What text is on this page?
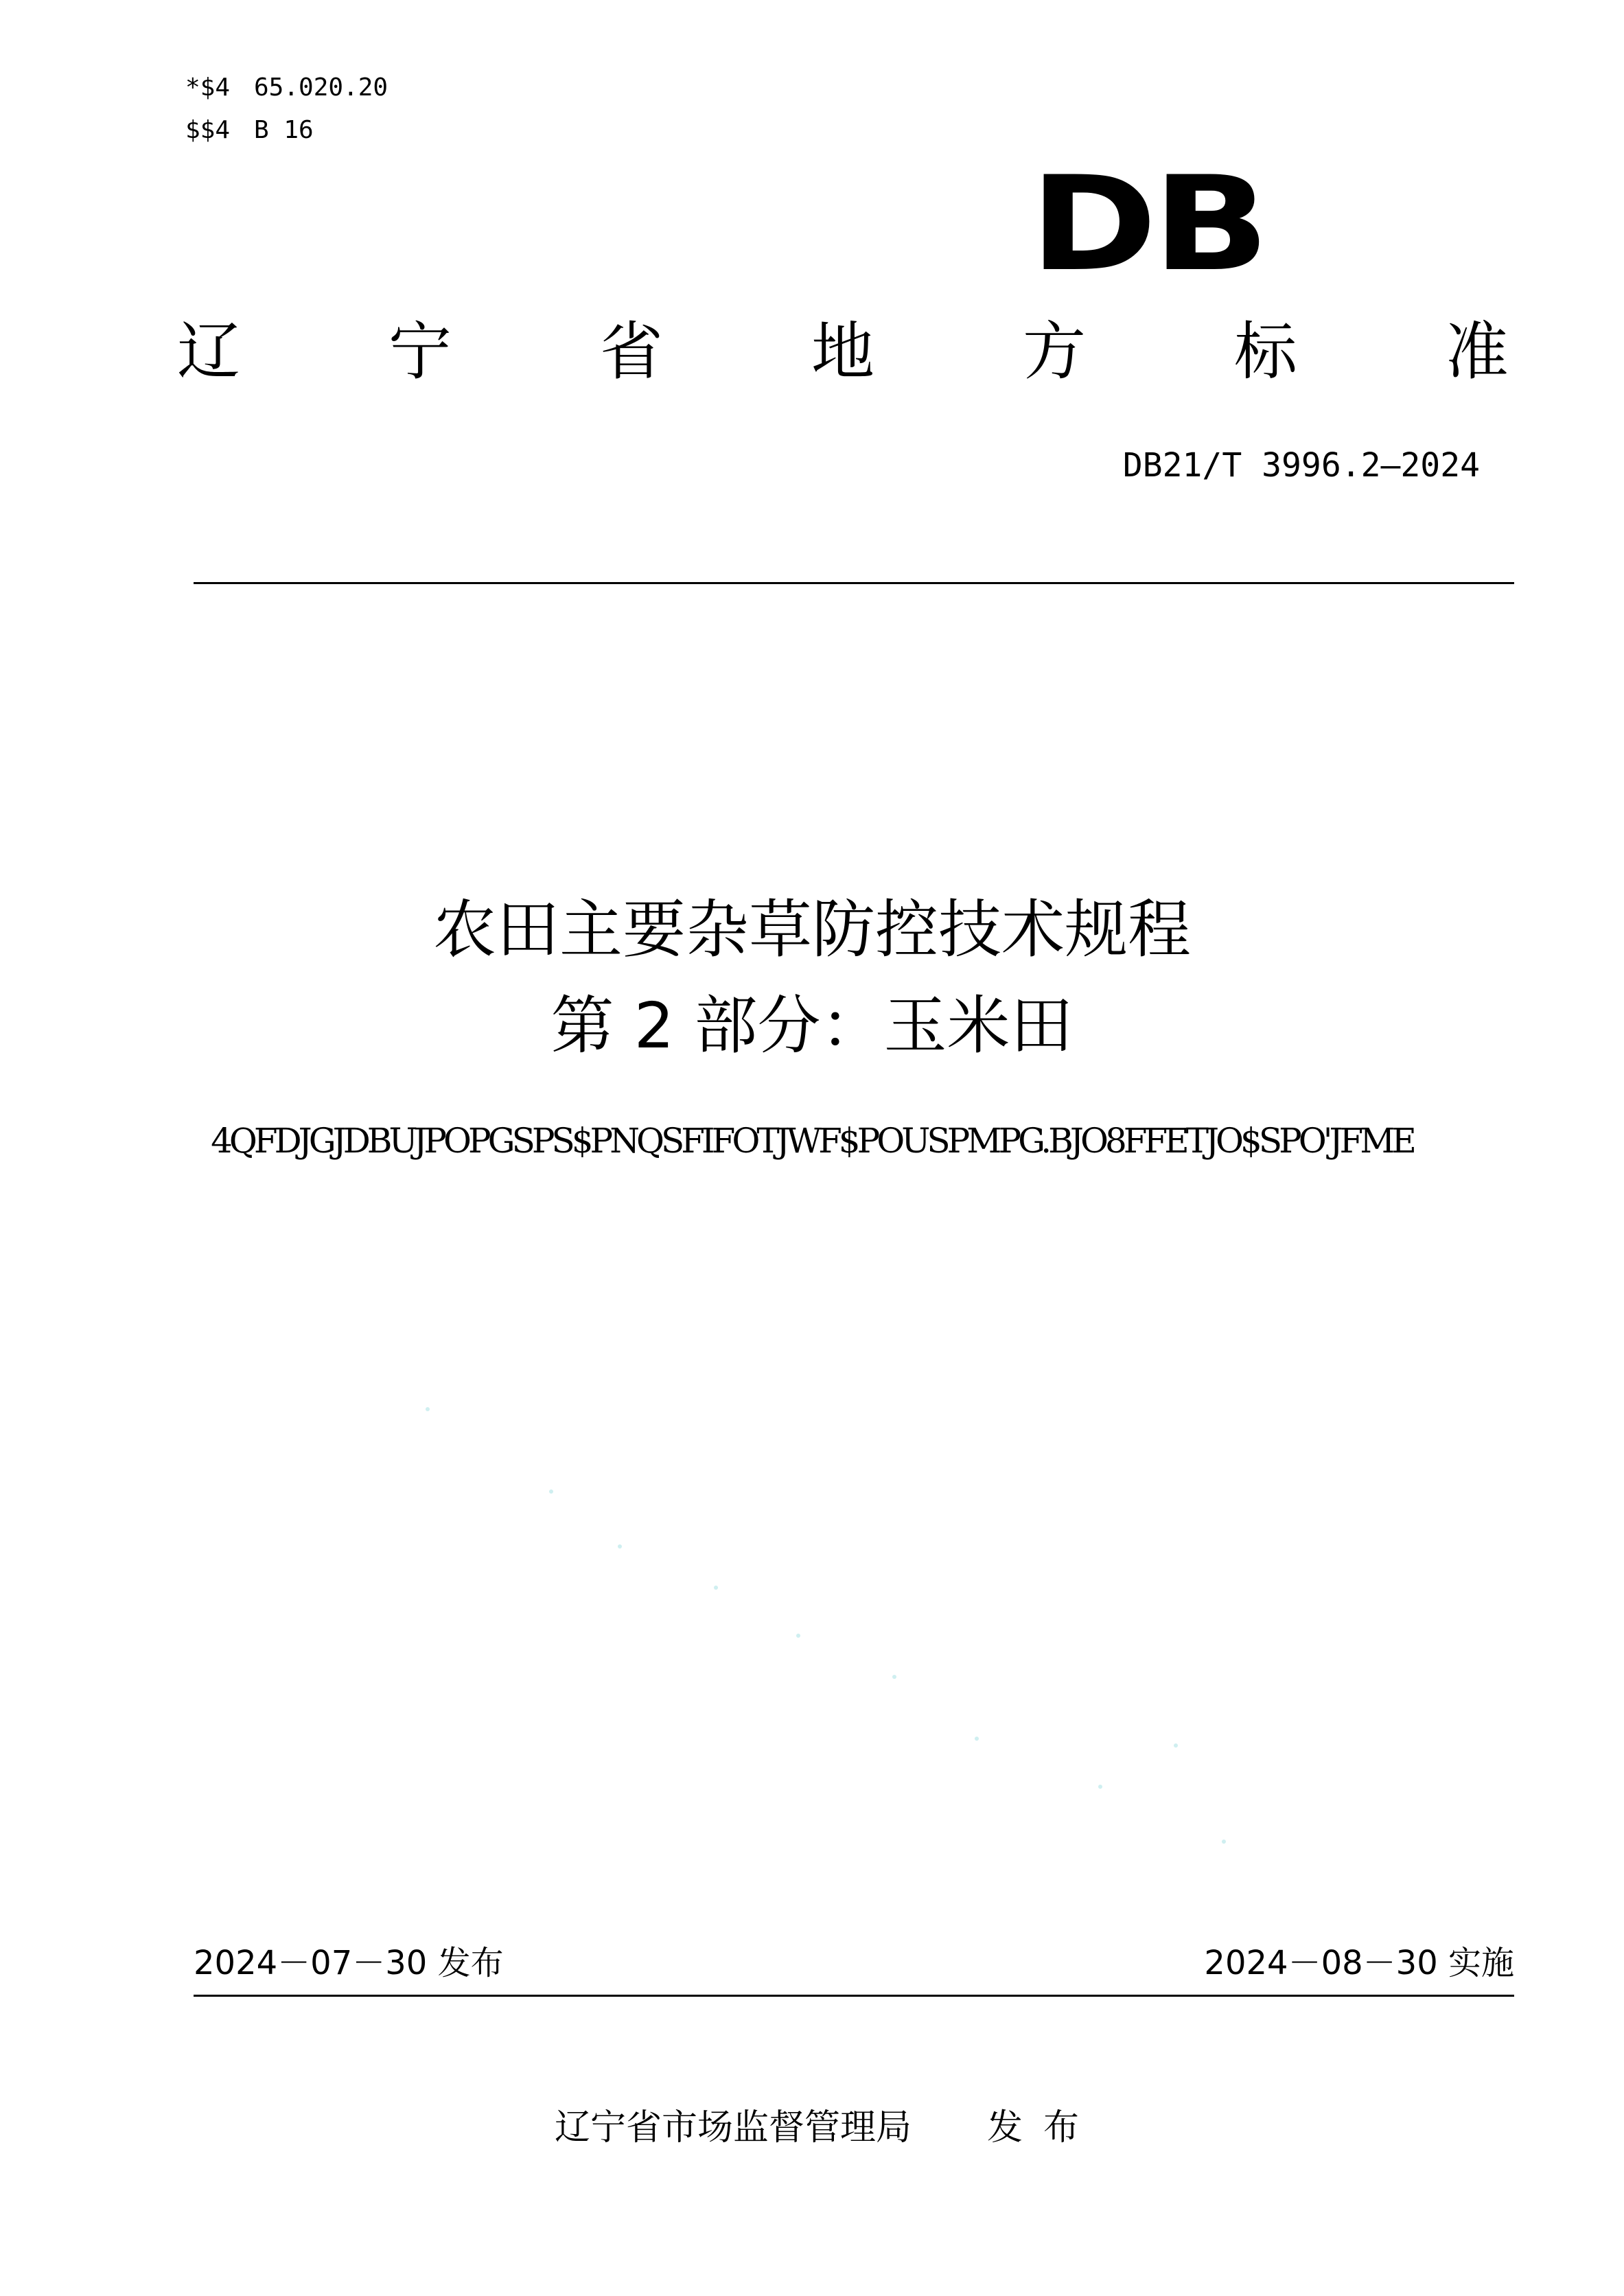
*$4 65.020.20
$$4 B 16
DB
辽 宁 省 地 方 标 准
DB21/T 3996.2—2024
农田主要杂草防控技术规程
第 2 部分：玉米田
4QFDJGJDBUJPOPGSPS$PNQSFIFOTJWF$POUSPMPG.BJO8FFETJO$SPO'JFME
2024－07－30 发布	2024－08－30 实施
辽宁省市场监督管理局 发布
